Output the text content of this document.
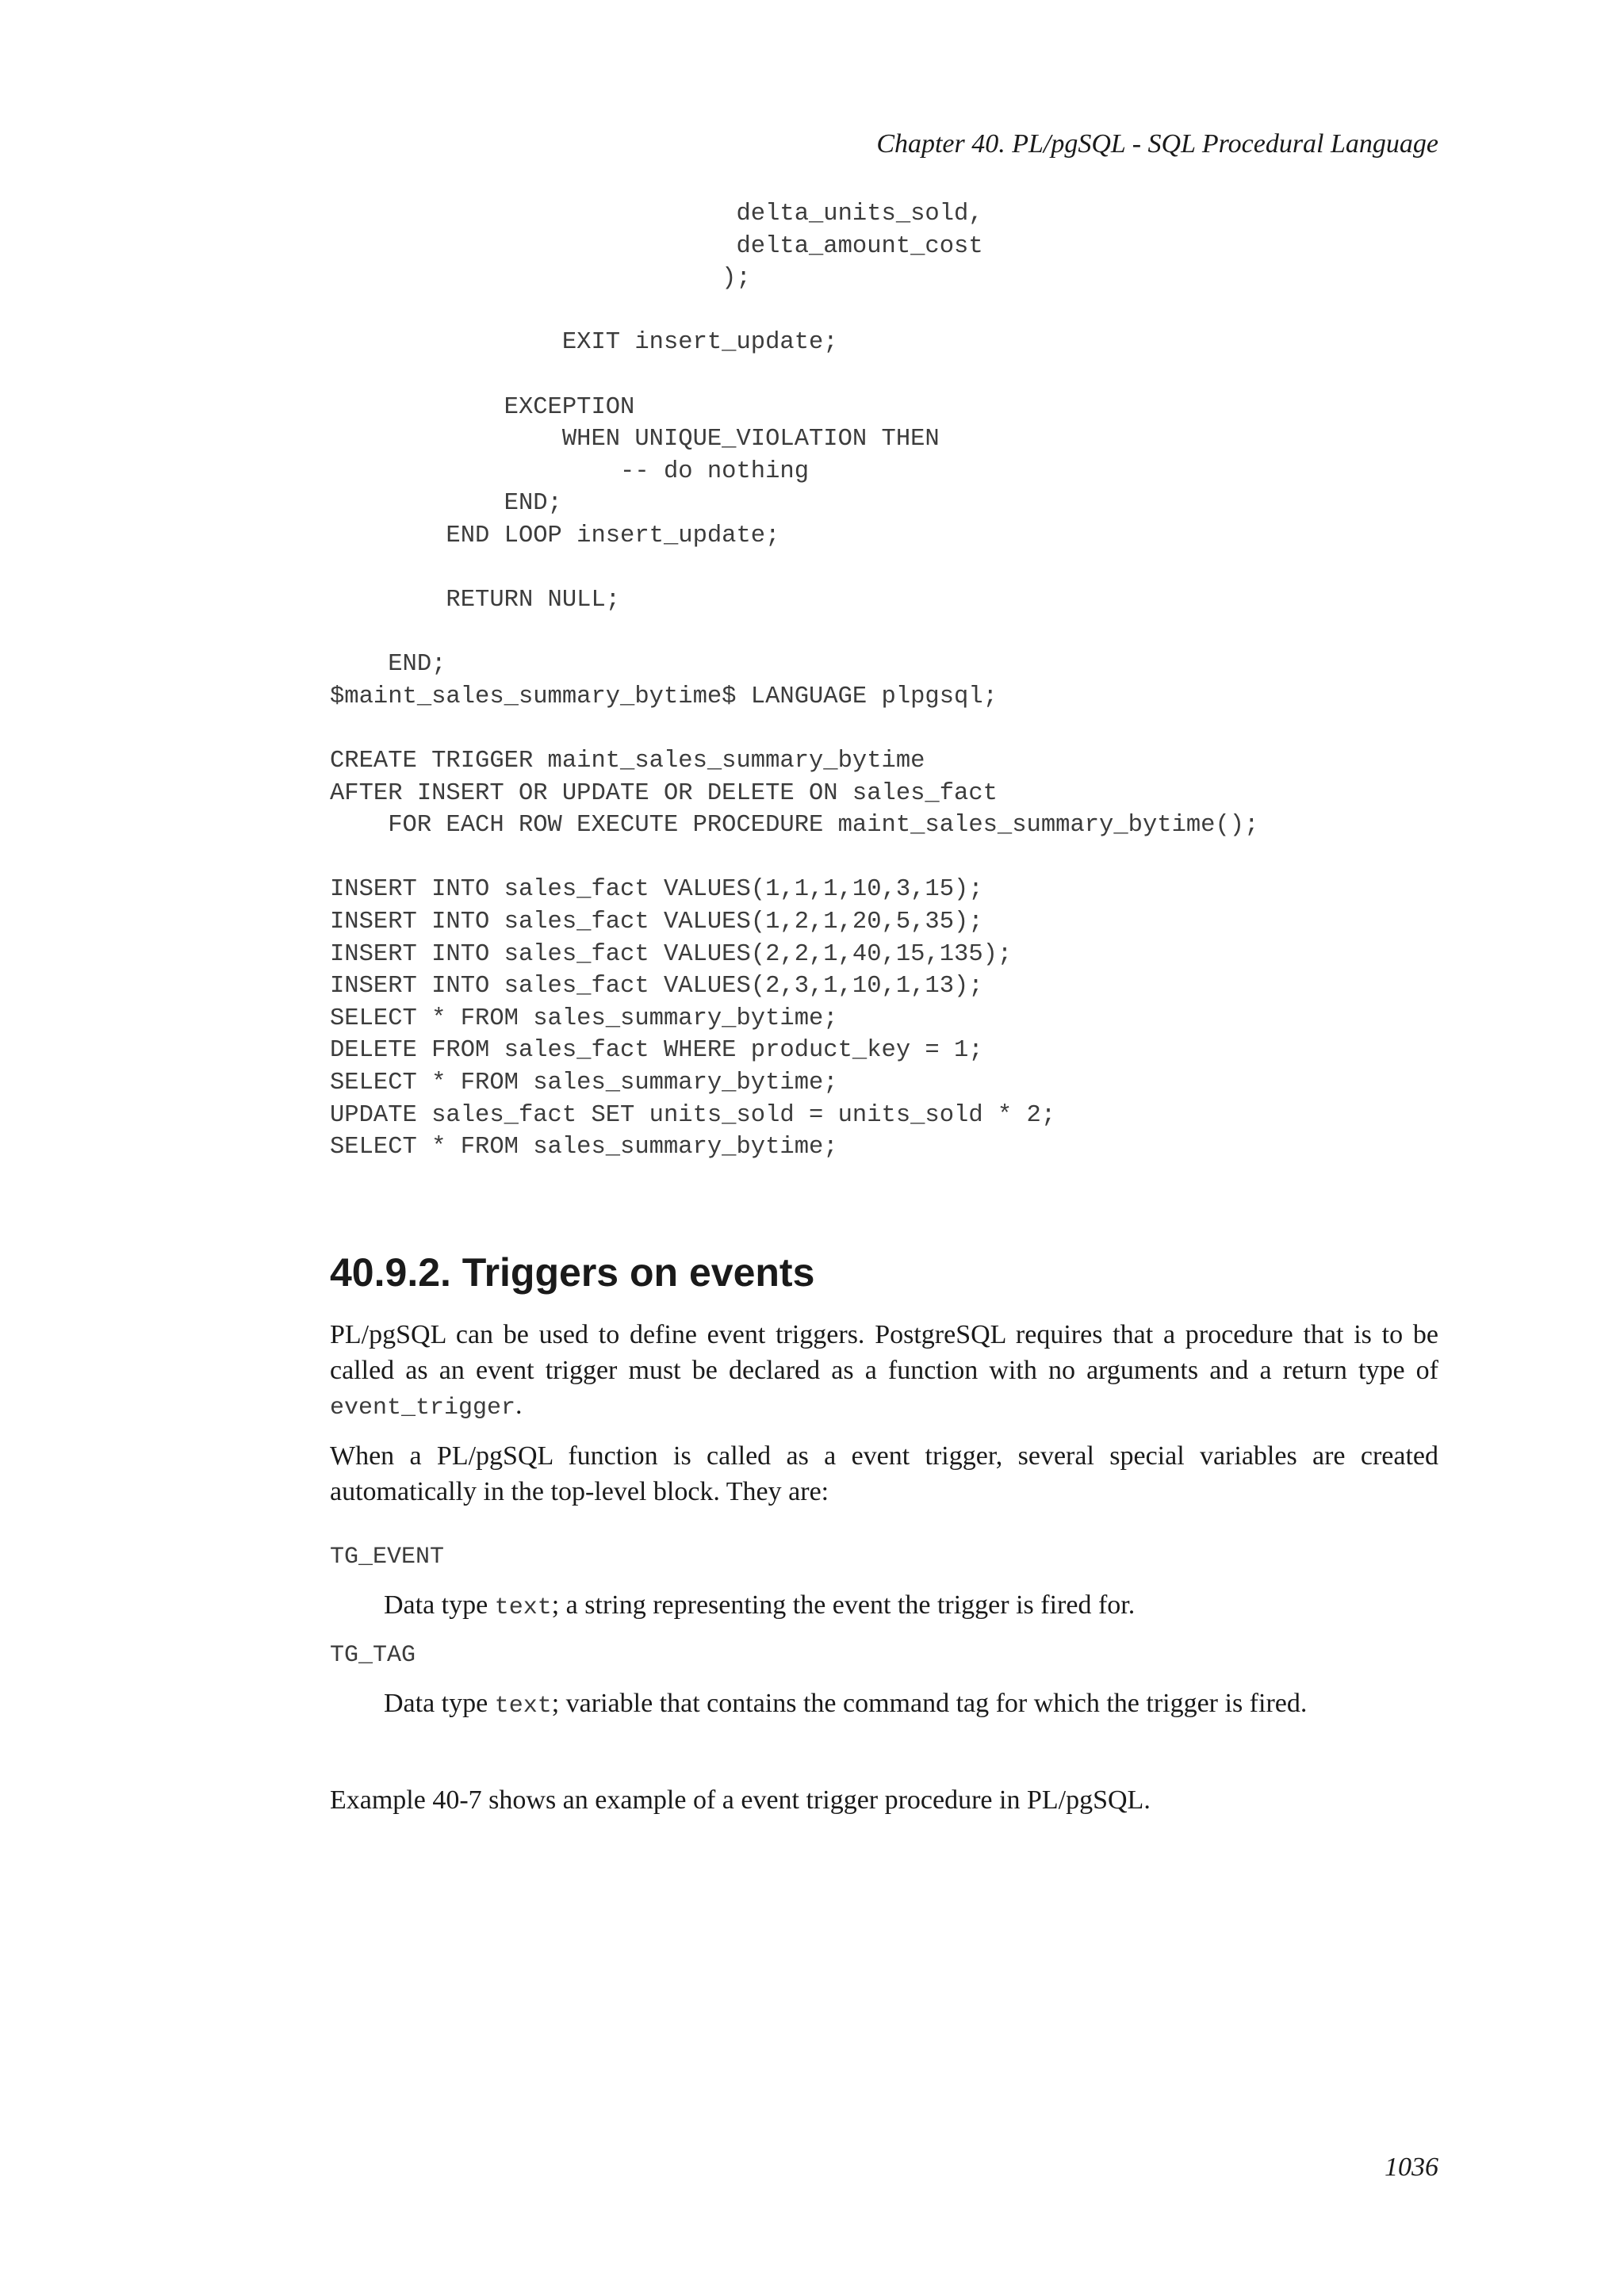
Chapter 40. PL/pgSQL - SQL Procedural Language
delta_units_sold,
delta_amount_cost
);
EXIT insert_update;
EXCEPTION
WHEN UNIQUE_VIOLATION THEN
-- do nothing
END;
END LOOP insert_update;
RETURN NULL;
END;
$maint_sales_summary_bytime$ LANGUAGE plpgsql;
CREATE TRIGGER maint_sales_summary_bytime
AFTER INSERT OR UPDATE OR DELETE ON sales_fact
FOR EACH ROW EXECUTE PROCEDURE maint_sales_summary_bytime();
INSERT INTO sales_fact VALUES(1,1,1,10,3,15);
INSERT INTO sales_fact VALUES(1,2,1,20,5,35);
INSERT INTO sales_fact VALUES(2,2,1,40,15,135);
INSERT INTO sales_fact VALUES(2,3,1,10,1,13);
SELECT * FROM sales_summary_bytime;
DELETE FROM sales_fact WHERE product_key = 1;
SELECT * FROM sales_summary_bytime;
UPDATE sales_fact SET units_sold = units_sold * 2;
SELECT * FROM sales_summary_bytime;
40.9.2. Triggers on events

PL/pgSQL can be used to define event triggers. PostgreSQL requires that a procedure that is to be called as an event trigger must be declared as a function with no arguments and a return type of event_trigger.

When a PL/pgSQL function is called as a event trigger, several special variables are created automatically in the top-level block. They are:

TG_EVENT

Data type text; a string representing the event the trigger is fired for.

TG_TAG

Data type text; variable that contains the command tag for which the trigger is fired.

Example 40-7 shows an example of a event trigger procedure in PL/pgSQL.

1036
